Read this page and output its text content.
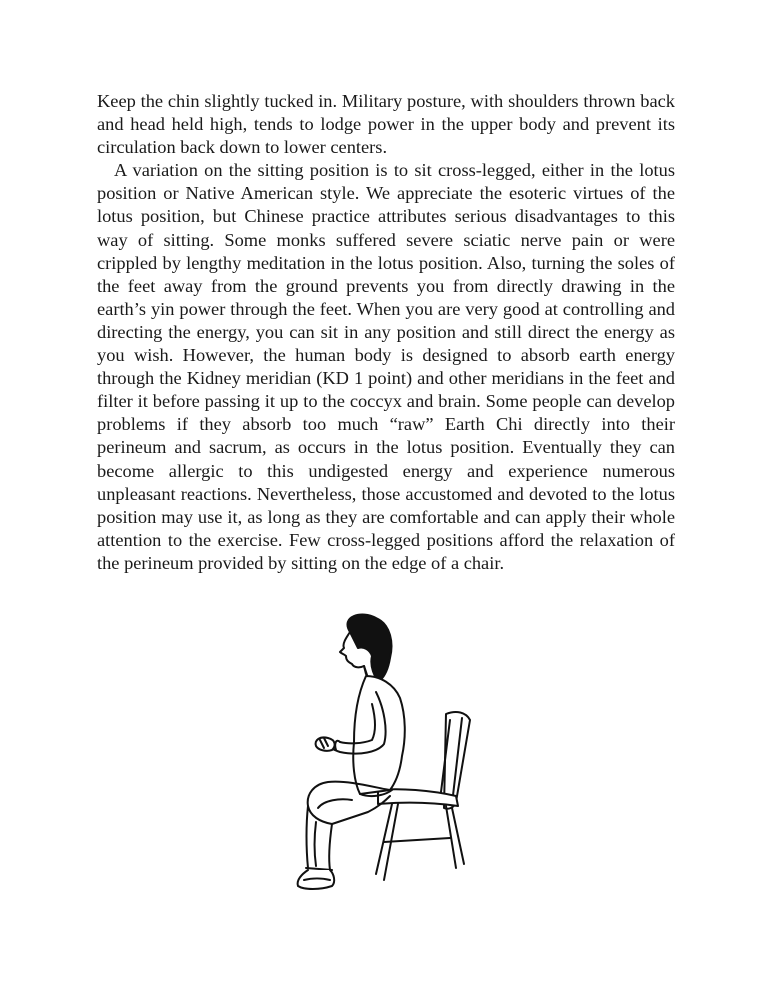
Keep the chin slightly tucked in. Military posture, with shoulders thrown back and head held high, tends to lodge power in the upper body and prevent its circulation back down to lower centers.

A variation on the sitting position is to sit cross-legged, either in the lotus position or Native American style. We appreciate the esoteric virtues of the lotus position, but Chinese practice attributes serious disadvantages to this way of sitting. Some monks suffered severe sciatic nerve pain or were crippled by lengthy meditation in the lotus position. Also, turning the soles of the feet away from the ground prevents you from directly drawing in the earth’s yin power through the feet. When you are very good at controlling and directing the energy, you can sit in any position and still direct the energy as you wish. However, the human body is designed to absorb earth energy through the Kidney meridian (KD 1 point) and other meridians in the feet and filter it before passing it up to the coccyx and brain. Some people can develop problems if they absorb too much “raw” Earth Chi directly into their perineum and sacrum, as occurs in the lotus position. Eventually they can become allergic to this undigested energy and experience numerous unpleasant reactions. Nevertheless, those accustomed and devoted to the lotus position may use it, as long as they are comfortable and can apply their whole attention to the exercise. Few cross-legged positions afford the relaxation of the perineum provided by sitting on the edge of a chair.
